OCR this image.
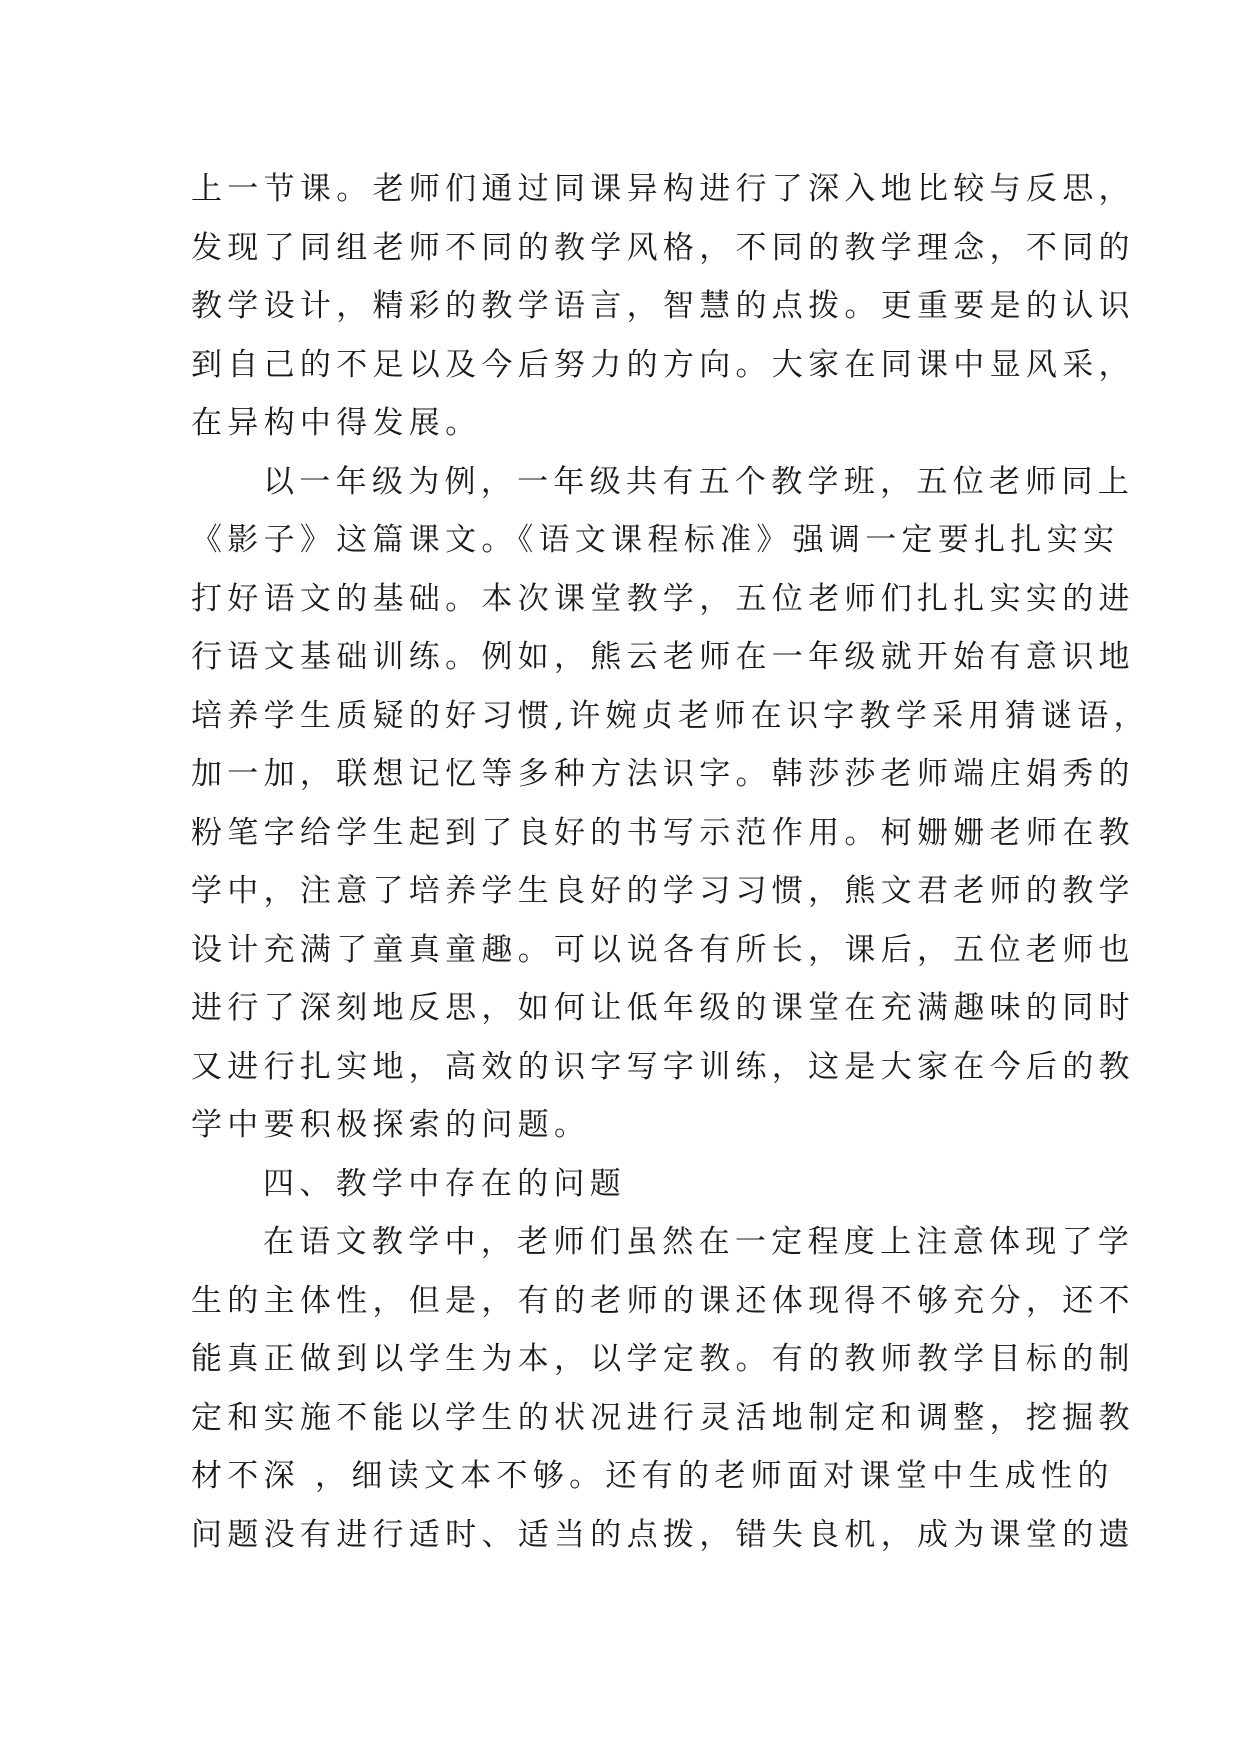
上一节课。老师们通过同课异构进行了深入地比较与反思，
发现了同组老师不同的教学风格，不同的教学理念，不同的
教学设计，精彩的教学语言，智慧的点拨。更重要是的认识
到自己的不足以及今后努力的方向。大家在同课中显风采，
在异构中得发展。
以一年级为例，一年级共有五个教学班，五位老师同上
《影子》这篇课文。《语文课程标准》强调一定要扎扎实实
打好语文的基础。本次课堂教学，五位老师们扎扎实实的进
行语文基础训练。例如，熊云老师在一年级就开始有意识地
培养学生质疑的好习惯,许婉贞老师在识字教学采用猜谜语，
加一加，联想记忆等多种方法识字。韩莎莎老师端庄娟秀的
粉笔字给学生起到了良好的书写示范作用。柯姗姗老师在教
学中，注意了培养学生良好的学习习惯，熊文君老师的教学
设计充满了童真童趣。可以说各有所长，课后，五位老师也
进行了深刻地反思，如何让低年级的课堂在充满趣味的同时
又进行扎实地，高效的识字写字训练，这是大家在今后的教
学中要积极探索的问题。
四、教学中存在的问题
在语文教学中，老师们虽然在一定程度上注意体现了学
生的主体性，但是，有的老师的课还体现得不够充分，还不
能真正做到以学生为本，以学定教。有的教师教学目标的制
定和实施不能以学生的状况进行灵活地制定和调整，挖掘教
材不深 ，细读文本不够。还有的老师面对课堂中生成性的
问题没有进行适时、适当的点拨，错失良机，成为课堂的遗
